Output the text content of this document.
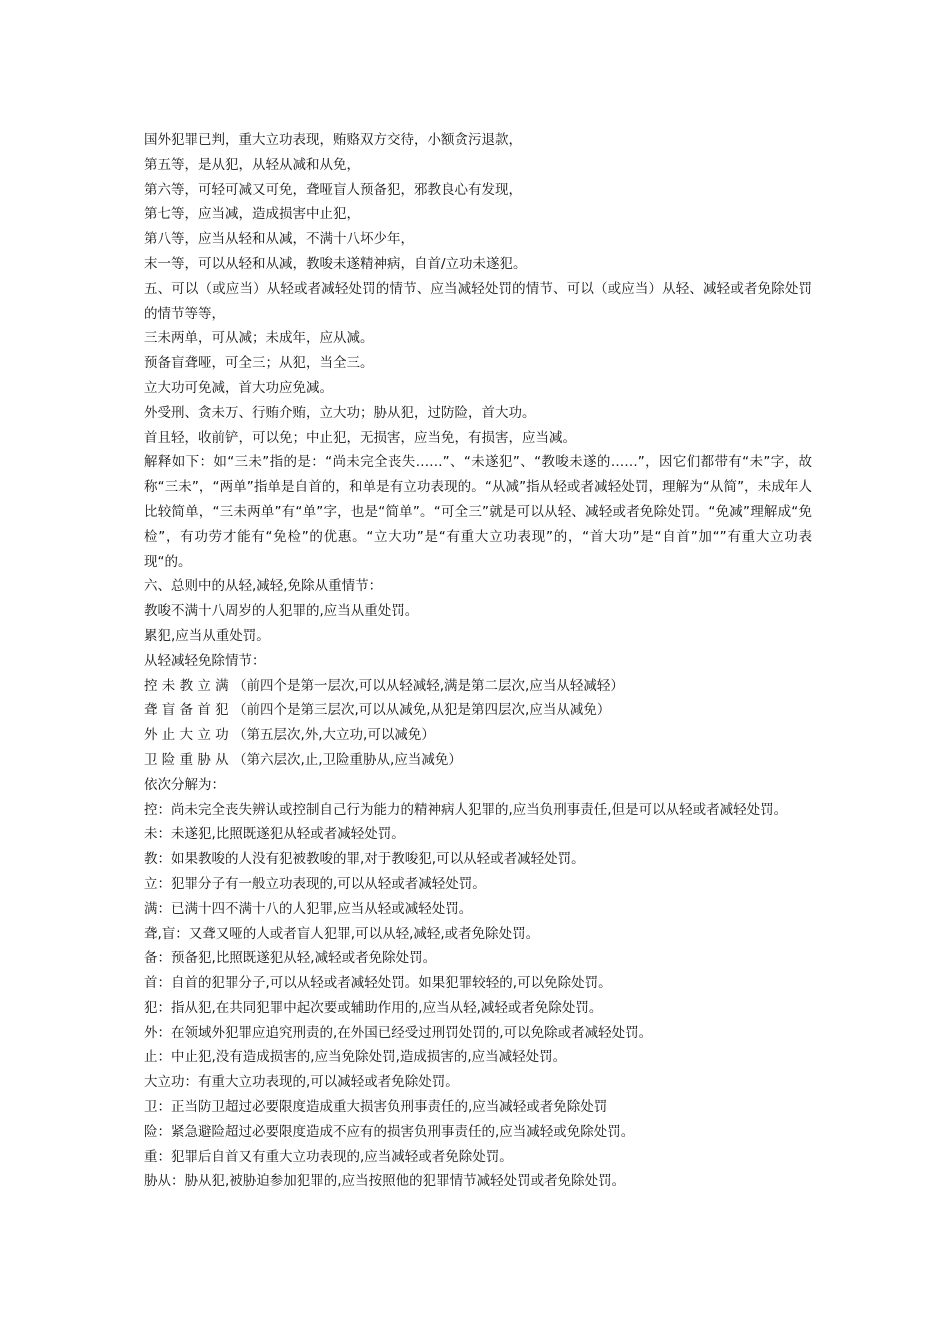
国外犯罪已判，重大立功表现，贿赂双方交待，小额贪污退款，
第五等，是从犯，从轻从减和从免，
第六等，可轻可减又可免，聋哑盲人预备犯，邪教良心有发现，
第七等，应当减，造成损害中止犯，
第八等，应当从轻和从减，不满十八坏少年，
末一等，可以从轻和从减，教唆未遂精神病，自首/立功未遂犯。
五、可以（或应当）从轻或者减轻处罚的情节、应当减轻处罚的情节、可以（或应当）从轻、减轻或者免除处罚的情节等等，
三未两单，可从减；未成年，应从减。
预备盲聋哑，可全三；从犯，当全三。
立大功可免减，首大功应免减。
外受刑、贪未万、行贿介贿，立大功；胁从犯，过防险，首大功。
首且轻，收前铲，可以免；中止犯，无损害，应当免，有损害，应当减。
解释如下：如“三未”指的是：“尚未完全丧失……”、“未遂犯”、“教唆未遂的……”，因它们都带有“未”字，故称“三未”，“两单”指单是自首的，和单是有立功表现的。“从减”指从轻或者减轻处罚，理解为“从简”，未成年人比较简单，“三未两单”有“单”字，也是“简单”。“可全三”就是可以从轻、减轻或者免除处罚。“免减”理解成“免检”，有功劳才能有“免检”的优惠。“立大功”是“有重大立功表现”的，“首大功”是“自首”加“”有重大立功表现“的。
六、总则中的从轻,减轻,免除从重情节：
教唆不满十八周岁的人犯罪的,应当从重处罚。
累犯,应当从重处罚。
从轻减轻免除情节：
控 未 教 立 满 （前四个是第一层次,可以从轻减轻,满是第二层次,应当从轻减轻）
聋 盲 备 首 犯 （前四个是第三层次,可以从减免,从犯是第四层次,应当从减免）
外 止 大 立 功 （第五层次,外,大立功,可以减免）
卫 险 重 胁 从 （第六层次,止,卫险重胁从,应当减免）
依次分解为：
控：尚未完全丧失辨认或控制自己行为能力的精神病人犯罪的,应当负刑事责任,但是可以从轻或者减轻处罚。
未：未遂犯,比照既遂犯从轻或者减轻处罚。
教：如果教唆的人没有犯被教唆的罪,对于教唆犯,可以从轻或者减轻处罚。
立：犯罪分子有一般立功表现的,可以从轻或者减轻处罚。
满：已满十四不满十八的人犯罪,应当从轻或减轻处罚。
聋,盲：又聋又哑的人或者盲人犯罪,可以从轻,减轻,或者免除处罚。
备：预备犯,比照既遂犯从轻,减轻或者免除处罚。
首：自首的犯罪分子,可以从轻或者减轻处罚。如果犯罪较轻的,可以免除处罚。
犯：指从犯,在共同犯罪中起次要或辅助作用的,应当从轻,减轻或者免除处罚。
外：在领域外犯罪应追究刑责的,在外国已经受过刑罚处罚的,可以免除或者减轻处罚。
止：中止犯,没有造成损害的,应当免除处罚,造成损害的,应当减轻处罚。
大立功：有重大立功表现的,可以减轻或者免除处罚。
卫：正当防卫超过必要限度造成重大损害负刑事责任的,应当减轻或者免除处罚
险：紧急避险超过必要限度造成不应有的损害负刑事责任的,应当减轻或免除处罚。
重：犯罪后自首又有重大立功表现的,应当减轻或者免除处罚。
胁从：胁从犯,被胁迫参加犯罪的,应当按照他的犯罪情节减轻处罚或者免除处罚。
